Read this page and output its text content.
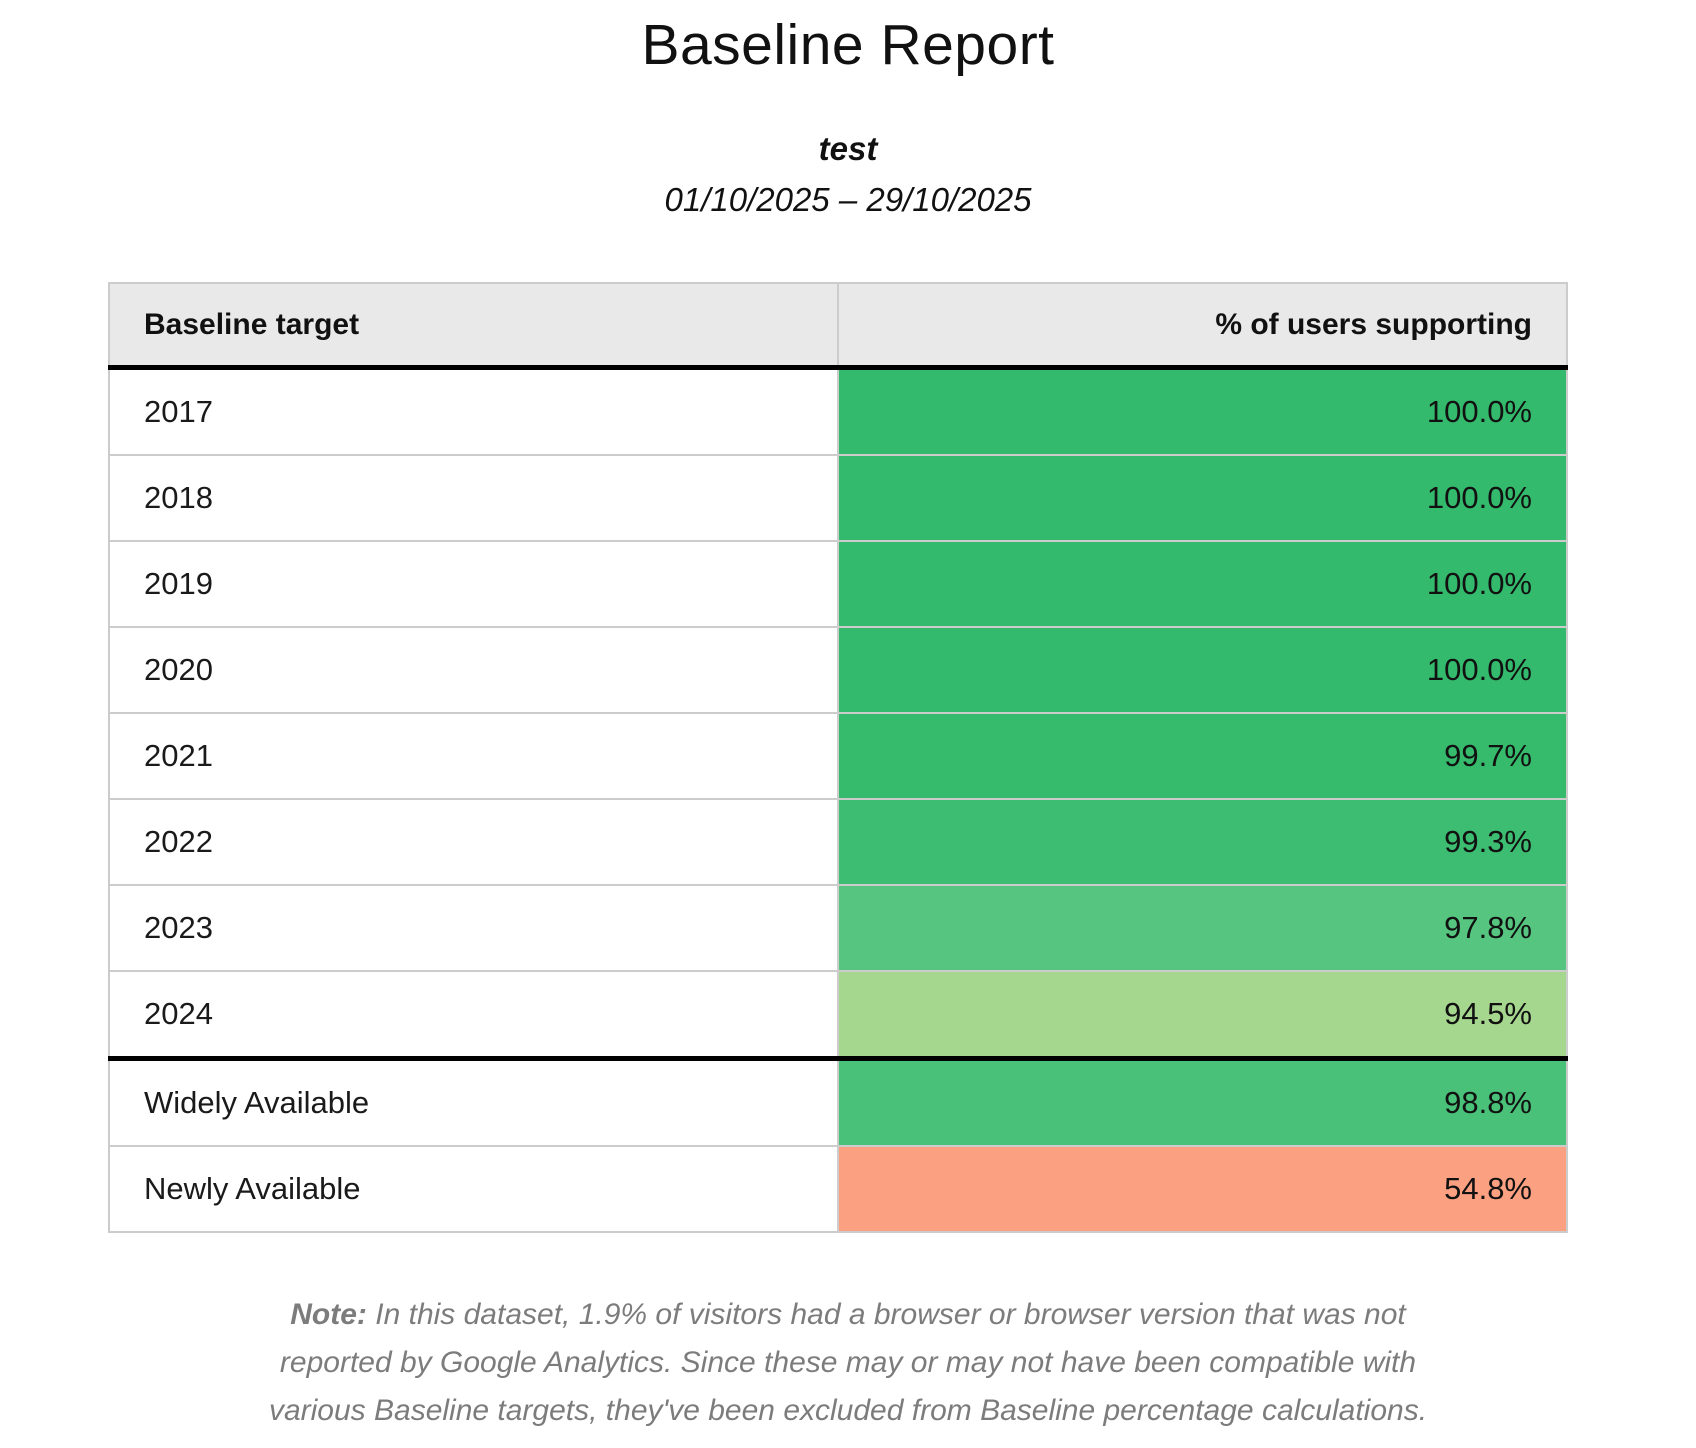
Baseline Report

test

01/10/2025 – 29/10/2025

Baseline target	% of users supporting
2017	100.0%
2018	100.0%
2019	100.0%
2020	100.0%
2021	99.7%
2022	99.3%
2023	97.8%
2024	94.5%
Widely Available	98.8%
Newly Available	54.8%

Note: In this dataset, 1.9% of visitors had a browser or browser version that was not
reported by Google Analytics. Since these may or may not have been compatible with
various Baseline targets, they've been excluded from Baseline percentage calculations.
